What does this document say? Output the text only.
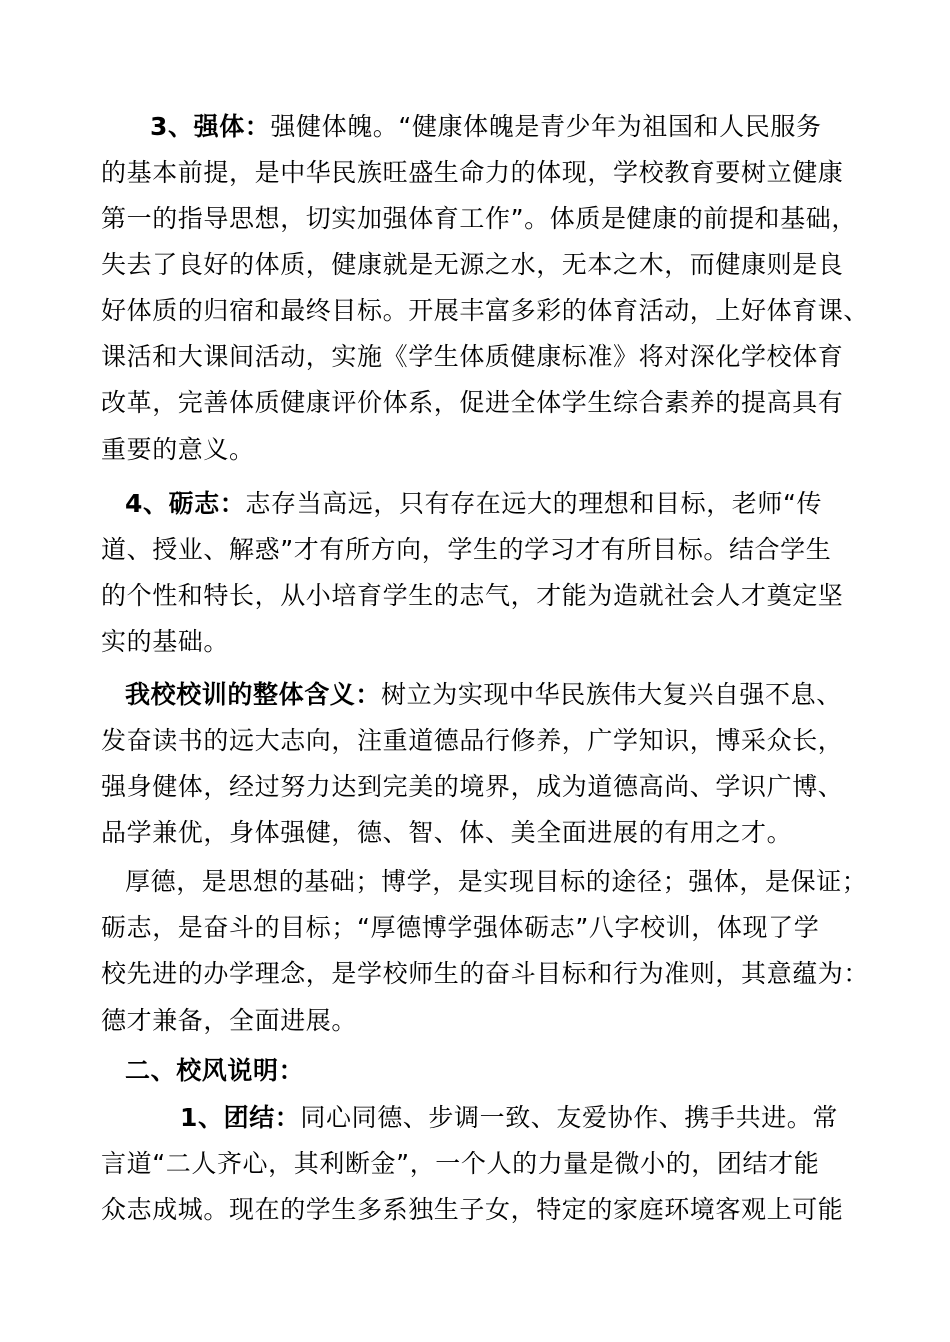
3、强体：强健体魄。“健康体魄是青少年为祖国和人民服务
的基本前提，是中华民族旺盛生命力的体现，学校教育要树立健康
第一的指导思想，切实加强体育工作”。体质是健康的前提和基础，
失去了良好的体质，健康就是无源之水，无本之木，而健康则是良
好体质的归宿和最终目标。开展丰富多彩的体育活动，上好体育课、
课活和大课间活动，实施《学生体质健康标准》将对深化学校体育
改革，完善体质健康评价体系，促进全体学生综合素养的提高具有
重要的意义。
4、砺志：志存当高远，只有存在远大的理想和目标，老师“传
道、授业、解惑”才有所方向，学生的学习才有所目标。结合学生
的个性和特长，从小培育学生的志气，才能为造就社会人才奠定坚
实的基础。
我校校训的整体含义：树立为实现中华民族伟大复兴自强不息、
发奋读书的远大志向，注重道德品行修养，广学知识，博采众长，
强身健体，经过努力达到完美的境界，成为道德高尚、学识广博、
品学兼优，身体强健，德、智、体、美全面进展的有用之才。
厚德，是思想的基础；博学，是实现目标的途径；强体，是保证；
砺志，是奋斗的目标；“厚德博学强体砺志”八字校训，体现了学
校先进的办学理念，是学校师生的奋斗目标和行为准则，其意蕴为：
德才兼备，全面进展。
二、校风说明：
1、团结：同心同德、步调一致、友爱协作、携手共进。常
言道“二人齐心，其利断金”，一个人的力量是微小的，团结才能
众志成城。现在的学生多系独生子女，特定的家庭环境客观上可能
